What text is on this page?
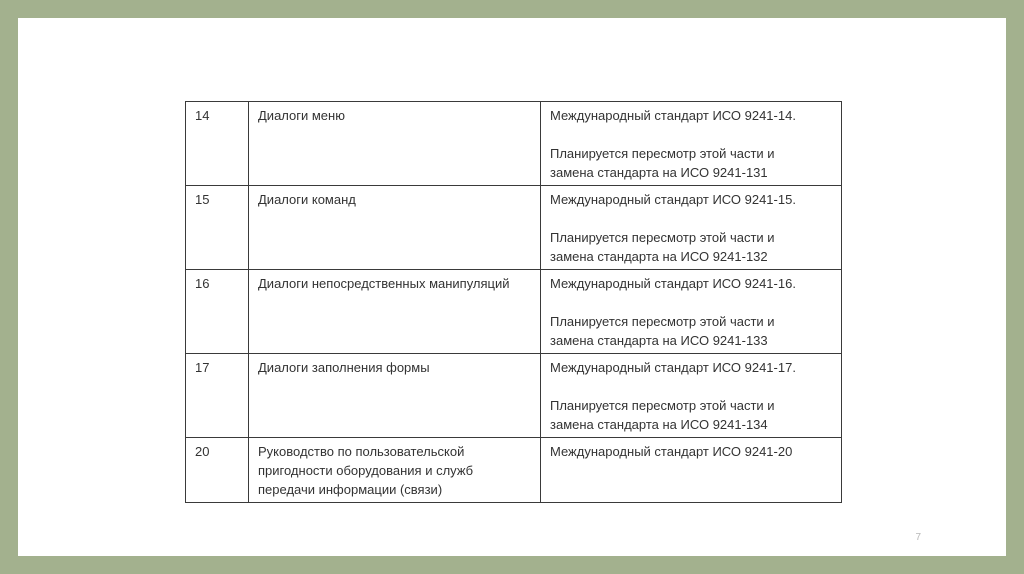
14	Диалоги меню	Международный стандарт ИСО 9241-14.
Планируется пересмотр этой части и
замена стандарта на ИСО 9241-131
15	Диалоги команд	Международный стандарт ИСО 9241-15.
Планируется пересмотр этой части и
замена стандарта на ИСО 9241-132
16	Диалоги непосредственных манипуляций	Международный стандарт ИСО 9241-16.
Планируется пересмотр этой части и
замена стандарта на ИСО 9241-133
17	Диалоги заполнения формы	Международный стандарт ИСО 9241-17.
Планируется пересмотр этой части и
замена стандарта на ИСО 9241-134
20	Руководство по пользовательской
пригодности оборудования и служб
передачи информации (связи)	Международный стандарт ИСО 9241-20
7
